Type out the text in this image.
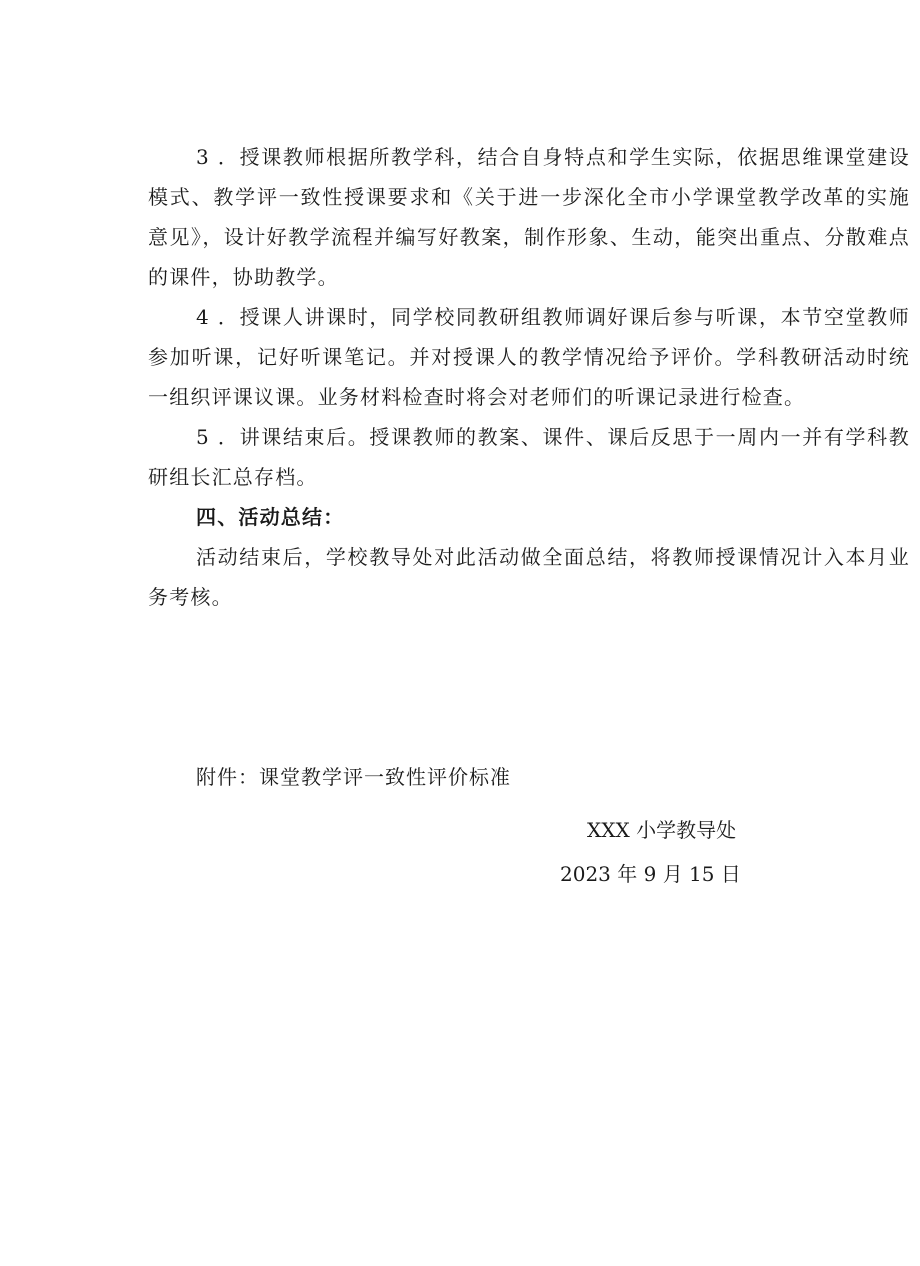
3 ．授课教师根据所教学科，结合自身特点和学生实际，依据思维课堂建设模式、教学评一致性授课要求和《关于进一步深化全市小学课堂教学改革的实施意见》，设计好教学流程并编写好教案，制作形象、生动，能突出重点、分散难点的课件，协助教学。

4 ．授课人讲课时，同学校同教研组教师调好课后参与听课，本节空堂教师参加听课，记好听课笔记。并对授课人的教学情况给予评价。学科教研活动时统一组织评课议课。业务材料检查时将会对老师们的听课记录进行检查。

5 ．讲课结束后。授课教师的教案、课件、课后反思于一周内一并有学科教研组长汇总存档。

四、活动总结：

活动结束后，学校教导处对此活动做全面总结，将教师授课情况计入本月业务考核。

附件：课堂教学评一致性评价标准
XXX 小学教导处
2023 年 9 月 15 日
